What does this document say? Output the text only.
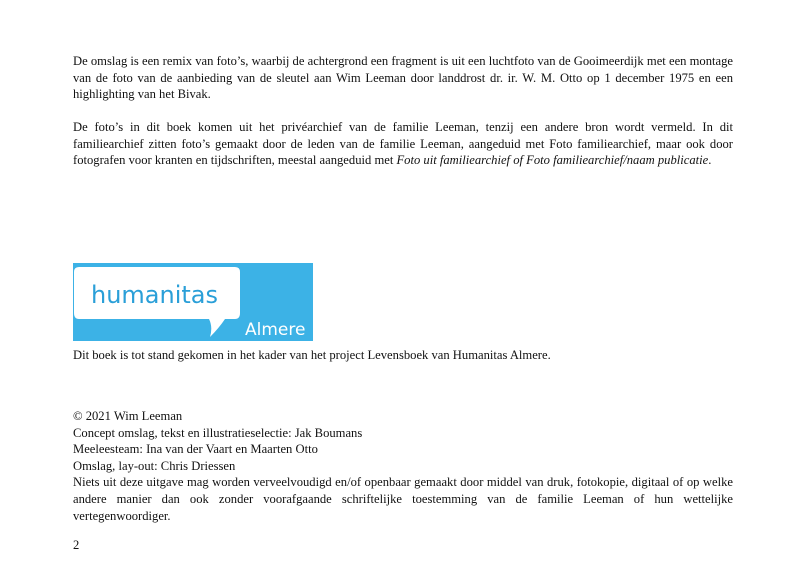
De omslag is een remix van foto’s, waarbij de achtergrond een fragment is uit een luchtfoto van de Gooimeerdijk met een montage van de foto van de aanbieding van de sleutel aan Wim Leeman door landdrost dr. ir. W. M. Otto op 1 december 1975 en een highlighting van het Bivak.

De foto’s in dit boek komen uit het privéarchief van de familie Leeman, tenzij een andere bron wordt vermeld. In dit familiearchief zitten foto’s gemaakt door de leden van de familie Leeman, aangeduid met Foto familiearchief, maar ook door fotografen voor kranten en tijdschriften, meestal aangeduid met Foto uit familiearchief of Foto familiearchief/naam publicatie.

humanitas
Almere

Dit boek is tot stand gekomen in het kader van het project Levensboek van Humanitas Almere.

© 2021 Wim Leeman
Concept omslag, tekst en illustratieselectie: Jak Boumans
Meeleesteam: Ina van der Vaart en Maarten Otto
Omslag, lay-out: Chris Driessen
Niets uit deze uitgave mag worden verveelvoudigd en/of openbaar gemaakt door middel van druk, fotokopie, digitaal of op welke andere manier dan ook zonder voorafgaande schriftelijke toestemming van de familie Leeman of hun wettelijke vertegenwoordiger.
2
